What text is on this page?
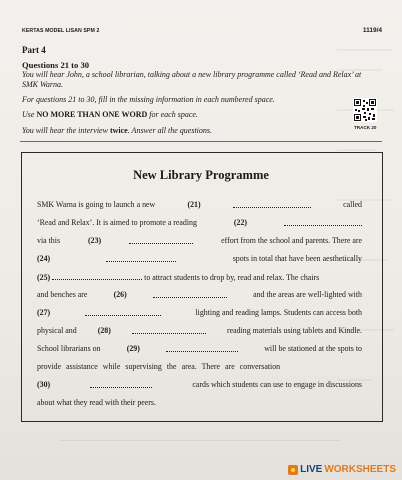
KERTAS MODEL LISAN SPM 2	1119/4
Part 4
Questions 21 to 30
You will hear John, a school librarian, talking about a new library programme called ‘Read and Relax’ at SMK Warna.
For questions 21 to 30, fill in the missing information in each numbered space.
Use NO MORE THAN ONE WORD for each space.
You will hear the interview twice. Answer all the questions.	TRACK 20
New Library Programme
SMK Warna is going to launch a new	(21)	called
‘Read and Relax’. It is aimed to promote a reading	(22)
via this	(23)	effort from the school and parents. There are
(24)	spots in total that have been aesthetically
(25)	to attract students to drop by, read and relax. The chairs
and benches are	(26)	and the areas are well-lighted with
(27)	lighting and reading lamps. Students can access both
physical and	(28)	reading materials using tablets and Kindle.
School librarians on	(29)	will be stationed at the spots to
provide assistance while supervising the area. There are conversation
(30)	cards which students can use to engage in discussions
about what they read with their peers.
LIVE WORKSHEETS
